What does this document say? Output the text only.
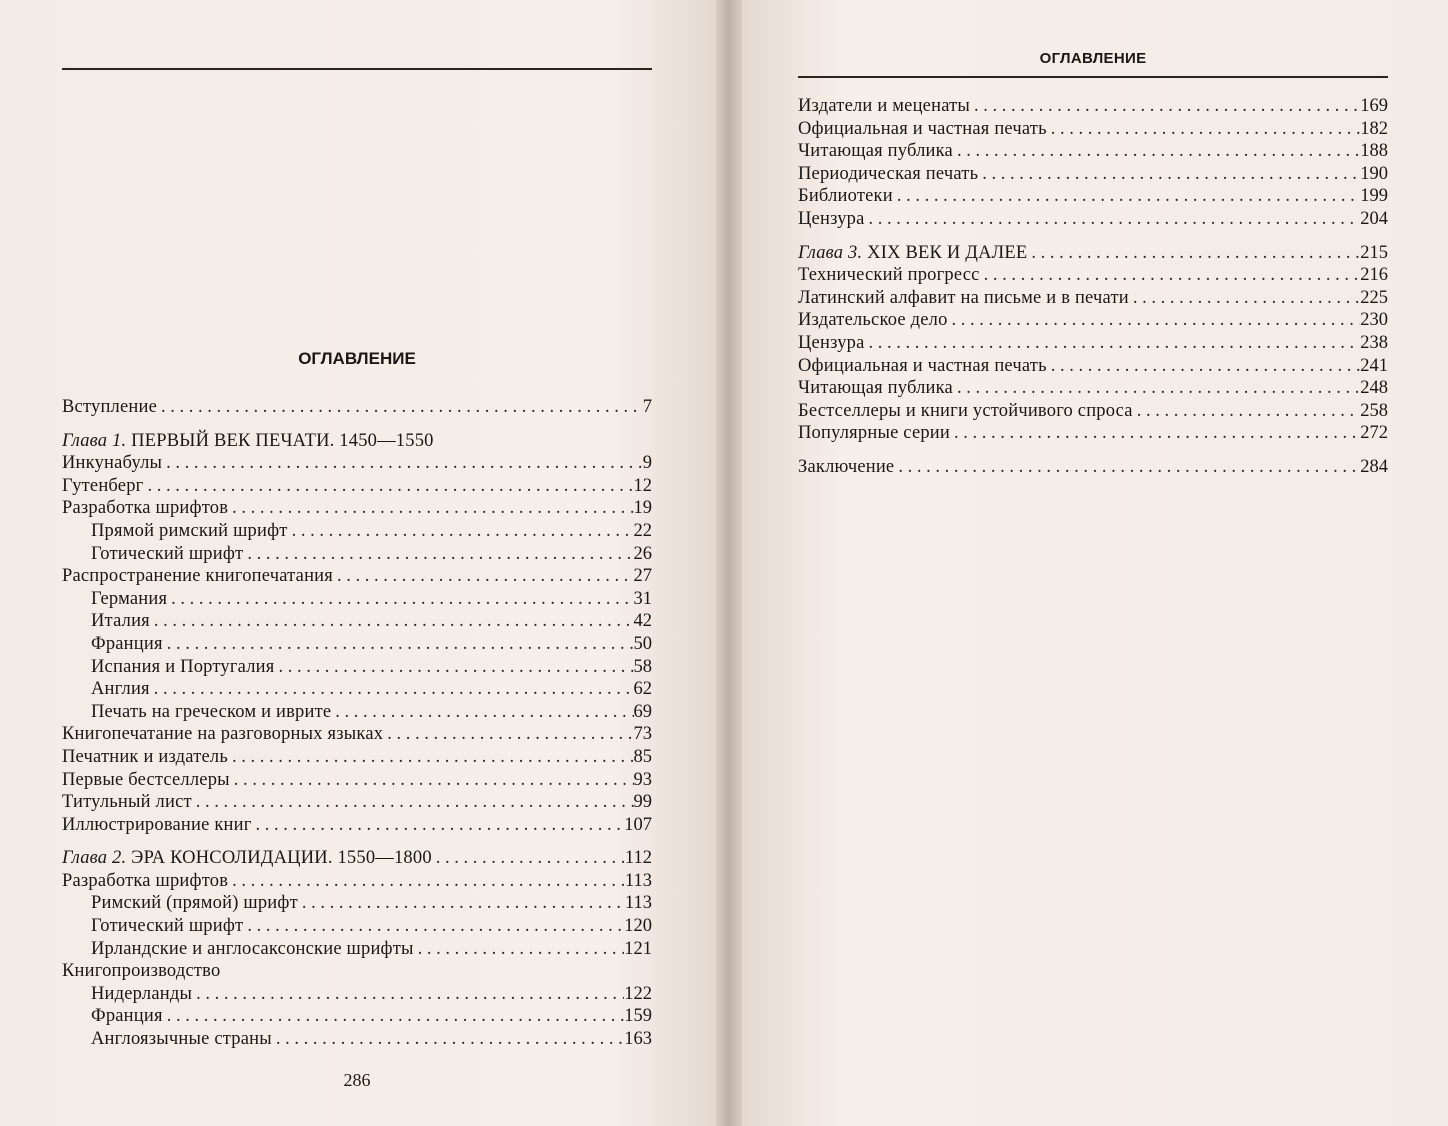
ОГЛАВЛЕНИЕ
ОГЛАВЛЕНИЕ
Вступление . . .	7
Глава 1. ПЕРВЫЙ ВЕК ПЕЧАТИ. 1450—1550
Инкунабулы . . .	9
Гутенберг . . .	12
Разработка шрифтов . . .	19
Прямой римский шрифт . . .	22
Готический шрифт . . .	26
Распространение книгопечатания . . .	27
Германия . . .	31
Италия . . .	42
Франция . . .	50
Испания и Португалия . . .	58
Англия . . .	62
Печать на греческом и иврите . . .	69
Книгопечатание на разговорных языках . . .	73
Печатник и издатель . . .	85
Первые бестселлеры . . .	93
Титульный лист . . .	99
Иллюстрирование книг . . .	107
Глава 2. ЭРА КОНСОЛИДАЦИИ. 1550—1800 . . .	112
Разработка шрифтов . . .	113
Римский (прямой) шрифт . . .	113
Готический шрифт . . .	120
Ирландские и англосаксонские шрифты . . .	121
Книгопроизводство
Нидерланды . . .	122
Франция . . .	159
Англоязычные страны . . .	163
286
Издатели и меценаты . . .	169
Официальная и частная печать . . .	182
Читающая публика . . .	188
Периодическая печать . . .	190
Библиотеки . . .	199
Цензура . . .	204
Глава 3. XIX ВЕК И ДАЛЕЕ . . .	215
Технический прогресс . . .	216
Латинский алфавит на письме и в печати . . .	225
Издательское дело . . .	230
Цензура . . .	238
Официальная и частная печать . . .	241
Читающая публика . . .	248
Бестселлеры и книги устойчивого спроса . . .	258
Популярные серии . . .	272
Заключение . . .	284
